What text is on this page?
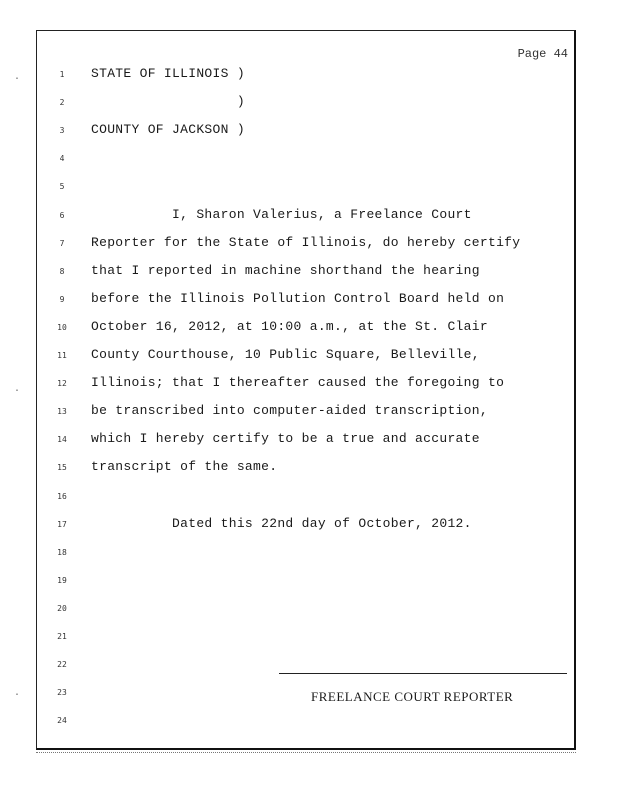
Page 44
1	STATE OF ILLINOIS )
2	)
3	COUNTY OF JACKSON )
4
5
6	I, Sharon Valerius, a Freelance Court
7	Reporter for the State of Illinois, do hereby certify
8	that I reported in machine shorthand the hearing
9	before the Illinois Pollution Control Board held on
10 October 16, 2012, at 10:00 a.m., at the St. Clair
11 County Courthouse, 10 Public Square, Belleville,
12 Illinois; that I thereafter caused the foregoing to
13 be transcribed into computer-aided transcription,
14 which I hereby certify to be a true and accurate
15 transcript of the same.
16
17 Dated this 22nd day of October, 2012.
18
19
20
21
22
23
24
FREELANCE COURT REPORTER
·
·
·
